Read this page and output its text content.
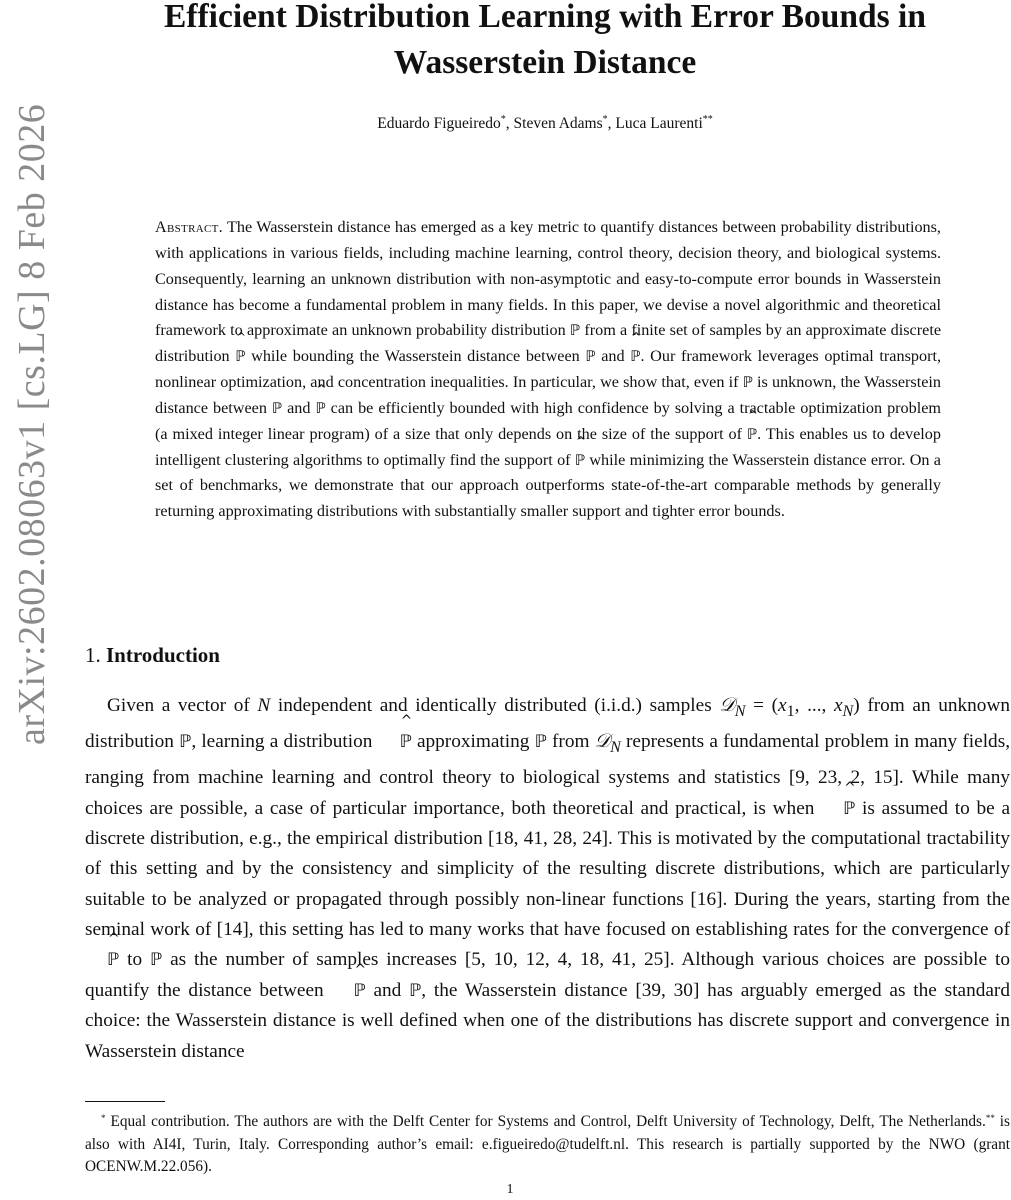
arXiv:2602.08063v1 [cs.LG] 8 Feb 2026
Efficient Distribution Learning with Error Bounds in
Wasserstein Distance
Eduardo Figueiredo*, Steven Adams*, Luca Laurenti**
Abstract. The Wasserstein distance has emerged as a key metric to quantify distances between probability distributions, with applications in various fields, including machine learning, control theory, decision theory, and biological systems. Consequently, learning an unknown distribution with non-asymptotic and easy-to-compute error bounds in Wasserstein distance has become a fundamental problem in many fields. In this paper, we devise a novel algorithmic and theoretical framework to approximate an unknown probability distribution ℙ from a finite set of samples by an approximate discrete distribution ^ ℙ while bounding the Wasserstein distance between ℙ and ^ ℙ. Our framework leverages optimal transport, nonlinear optimization, and concentration inequalities. In particular, we show that, even if ℙ is unknown, the Wasserstein distance between ℙ and ^ ℙ can be efficiently bounded with high confidence by solving a tractable optimization problem (a mixed integer linear program) of a size that only depends on the size of the support of ^ ℙ. This enables us to develop intelligent clustering algorithms to optimally find the support of ^ ℙ while minimizing the Wasserstein distance error. On a set of benchmarks, we demonstrate that our approach outperforms state-of-the-art comparable methods by generally returning approximating distributions with substantially smaller support and tighter error bounds.
1. Introduction
Given a vector of N independent and identically distributed (i.i.d.) samples 𝒟$_N$ = ($x_1$, ..., $x_N$) from an unknown distribution ℙ, learning a distribution ^ ℙ approximating ℙ from 𝒟$_N$ represents a fundamental problem in many fields, ranging from machine learning and control theory to biological systems and statistics [9, 23, 2, 15]. While many choices are possible, a case of particular importance, both theoretical and practical, is when ^ ℙ is assumed to be a discrete distribution, e.g., the empirical distribution [18, 41, 28, 24]. This is motivated by the computational tractability of this setting and by the consistency and simplicity of the resulting discrete distributions, which are particularly suitable to be analyzed or propagated through possibly non-linear functions [16]. During the years, starting from the seminal work of [14], this setting has led to many works that have focused on establishing rates for the convergence of ^ ℙ to ℙ as the number of samples increases [5, 10, 12, 4, 18, 41, 25]. Although various choices are possible to quantify the distance between ^ ℙ and ℙ, the Wasserstein distance [39, 30] has arguably emerged as the standard choice: the Wasserstein distance is well defined when one of the distributions has discrete support and convergence in Wasserstein distance
* Equal contribution. The authors are with the Delft Center for Systems and Control, Delft University of Technology, Delft, The Netherlands.** is also with AI4I, Turin, Italy. Corresponding author’s email: e.figueiredo@tudelft.nl. This research is partially supported by the NWO (grant OCENW.M.22.056).
1
